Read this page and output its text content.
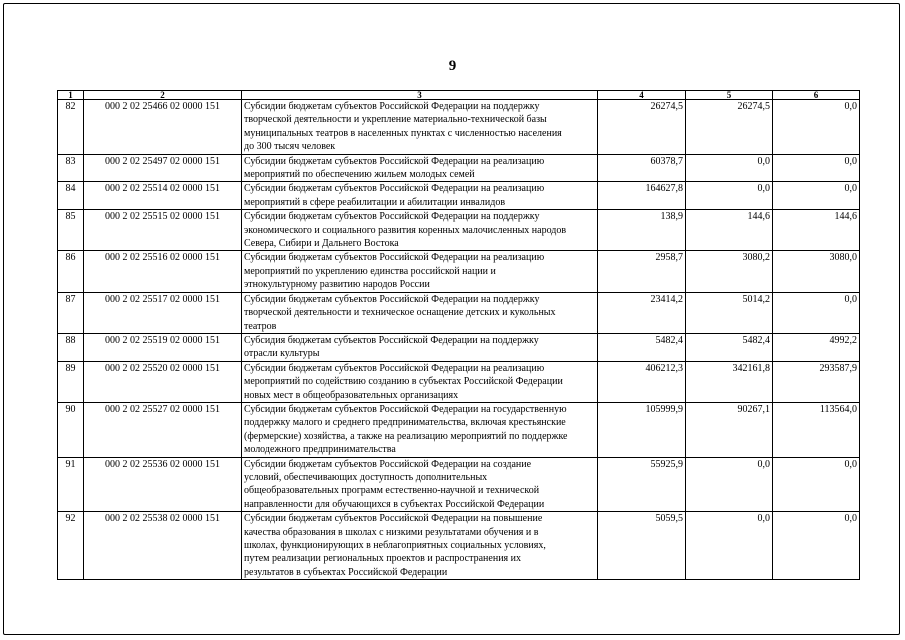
9
1	2	3	4	5	6
82	000 2 02 25466 02 0000 151	Субсидии бюджетам субъектов Российской Федерации на поддержку
творческой деятельности и укрепление материально-технической базы
муниципальных театров в населенных пунктах с численностью населения
до 300 тысяч человек	26274,5	26274,5	0,0
83	000 2 02 25497 02 0000 151	Субсидии бюджетам субъектов Российской Федерации на реализацию
мероприятий по обеспечению жильем молодых семей	60378,7	0,0	0,0
84	000 2 02 25514 02 0000 151	Субсидии бюджетам субъектов Российской Федерации на реализацию
мероприятий в сфере реабилитации и абилитации инвалидов	164627,8	0,0	0,0
85	000 2 02 25515 02 0000 151	Субсидии бюджетам субъектов Российской Федерации на поддержку
экономического и социального развития коренных малочисленных народов
Севера, Сибири и Дальнего Востока	138,9	144,6	144,6
86	000 2 02 25516 02 0000 151	Субсидии бюджетам субъектов Российской Федерации на реализацию
мероприятий по укреплению единства российской нации и
этнокультурному развитию народов России	2958,7	3080,2	3080,0
87	000 2 02 25517 02 0000 151	Субсидии бюджетам субъектов Российской Федерации на поддержку
творческой деятельности и техническое оснащение детских и кукольных
театров	23414,2	5014,2	0,0
88	000 2 02 25519 02 0000 151	Субсидия бюджетам субъектов Российской Федерации на поддержку
отрасли культуры	5482,4	5482,4	4992,2
89	000 2 02 25520 02 0000 151	Субсидии бюджетам субъектов Российской Федерации на реализацию
мероприятий по содействию созданию в субъектах Российской Федерации
новых мест в общеобразовательных организациях	406212,3	342161,8	293587,9
90	000 2 02 25527 02 0000 151	Субсидии бюджетам субъектов Российской Федерации на государственную
поддержку малого и среднего предпринимательства, включая крестьянские
(фермерские) хозяйства, а также на реализацию мероприятий по поддержке
молодежного предпринимательства	105999,9	90267,1	113564,0
91	000 2 02 25536 02 0000 151	Субсидии бюджетам субъектов Российской Федерации на создание
условий, обеспечивающих доступность дополнительных
общеобразовательных программ естественно-научной и технической
направленности для обучающихся в субъектах Российской Федерации	55925,9	0,0	0,0
92	000 2 02 25538 02 0000 151	Субсидии бюджетам субъектов Российской Федерации на повышение
качества образования в школах с низкими результатами обучения и в
школах, функционирующих в неблагоприятных социальных условиях,
путем реализации региональных проектов и распространения их
результатов в субъектах Российской Федерации	5059,5	0,0	0,0
